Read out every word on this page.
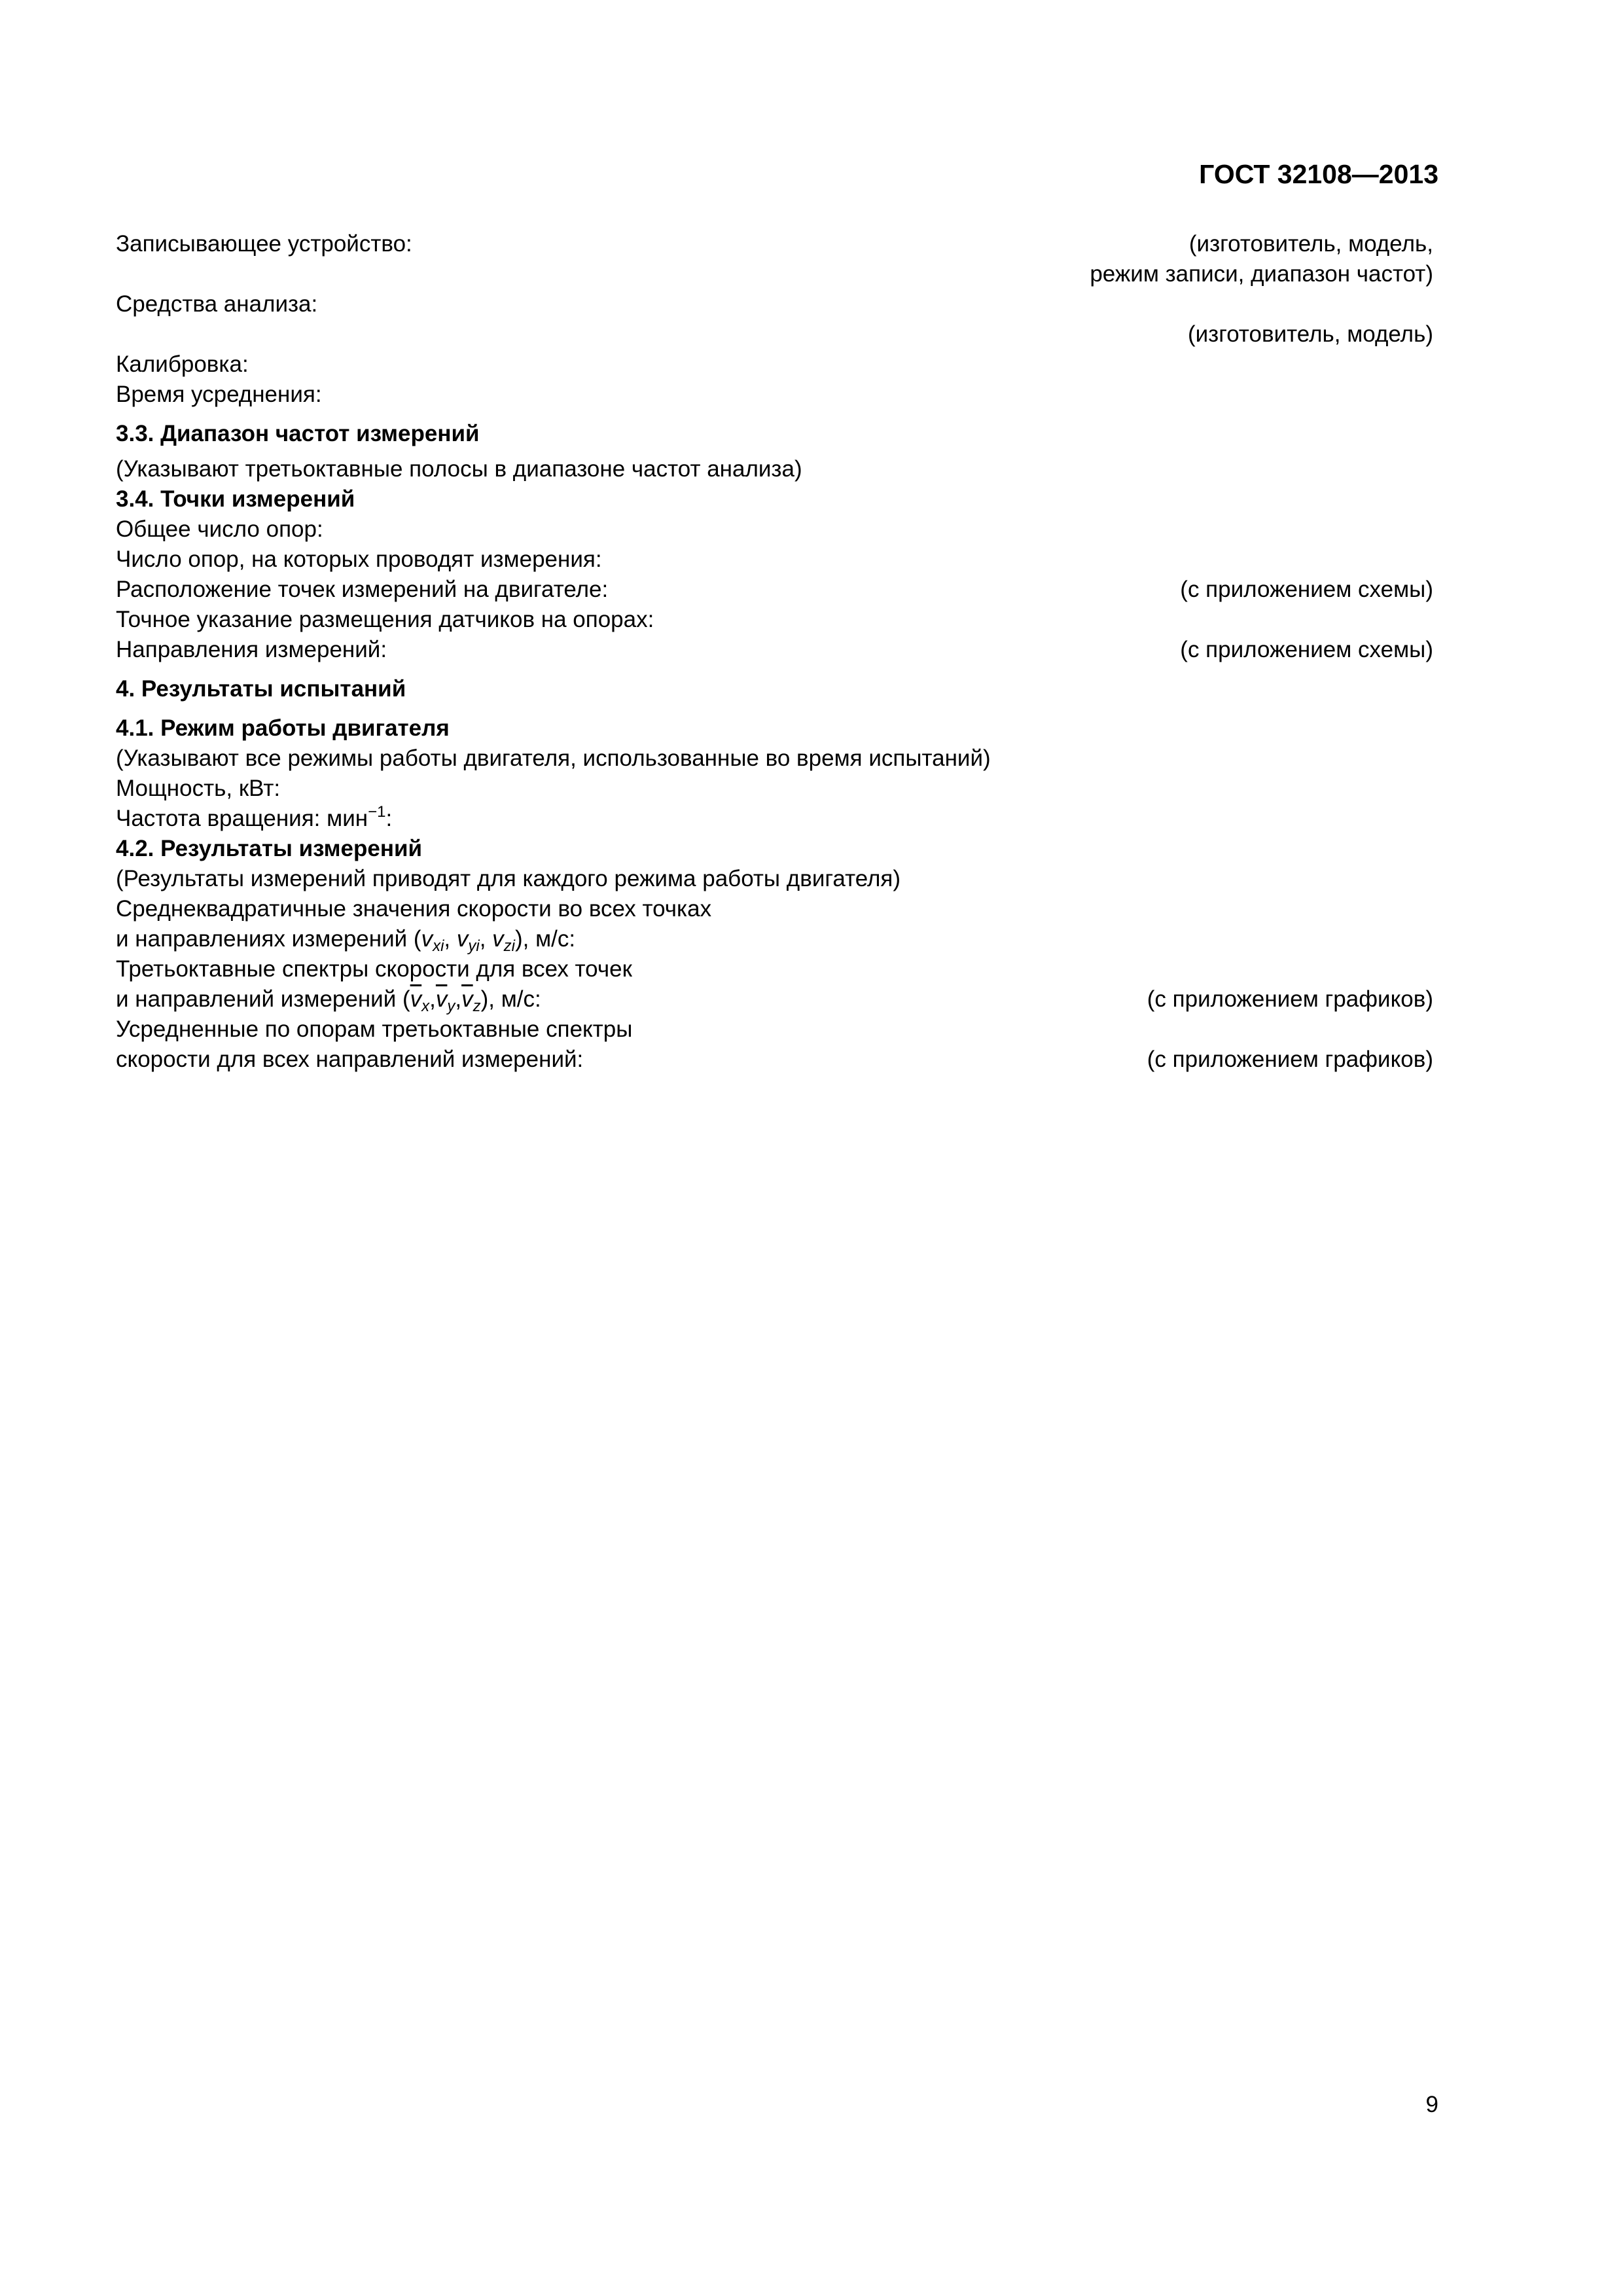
ГОСТ 32108—2013
Записывающее устройство:	(изготовитель, модель,
режим записи, диапазон частот)
Средства анализа:
(изготовитель, модель)
Калибровка:
Время усреднения:
3.3. Диапазон частот измерений
(Указывают третьоктавные полосы в диапазоне частот анализа)
3.4. Точки измерений
Общее число опор:
Число опор, на которых проводят измерения:
Расположение точек измерений на двигателе:	(с приложением схемы)
Точное указание размещения датчиков на опорах:
Направления измерений:	(с приложением схемы)
4. Результаты испытаний
4.1. Режим работы двигателя
(Указывают все режимы работы двигателя, использованные во время испытаний)
Мощность, кВт:
Частота вращения: мин$^{-1}$:
4.2. Результаты измерений
(Результаты измерений приводят для каждого режима работы двигателя)
Среднеквадратичные значения скорости во всех точках
и направлениях измерений ($v_{xi}$, $v_{yi}$, $v_{zi}$), м/с:
Третьоктавные спектры скорости для всех точек
и направлений измерений $(\overline{v}_x,\overline{v}_y,\overline{v}_z)$, м/с:	(с приложением графиков)
Усредненные по опорам третьоктавные спектры
скорости для всех направлений измерений:	(с приложением графиков)
9
